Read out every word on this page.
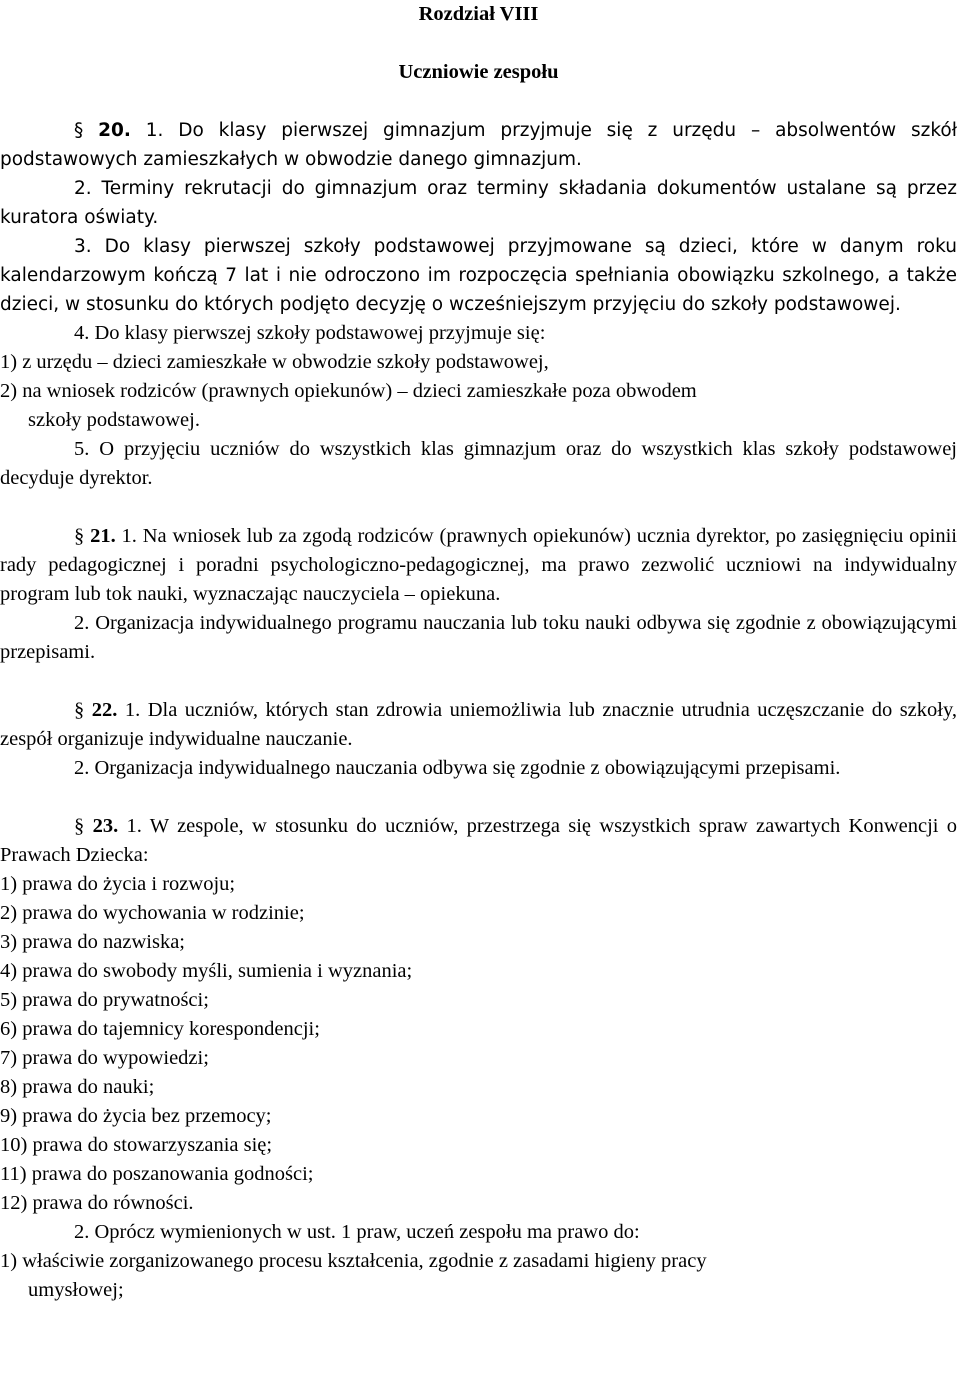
Rozdział VIII

Uczniowie zespołu

§ 20. 1. Do klasy pierwszej gimnazjum przyjmuje się z urzędu – absolwentów szkół podstawowych zamieszkałych w obwodzie danego gimnazjum.

2. Terminy rekrutacji do gimnazjum oraz terminy składania dokumentów ustalane są przez kuratora oświaty.

3. Do klasy pierwszej szkoły podstawowej przyjmowane są dzieci, które w danym roku kalendarzowym kończą 7 lat i nie odroczono im rozpoczęcia spełniania obowiązku szkolnego, a także dzieci, w stosunku do których podjęto decyzję o wcześniejszym przyjęciu do szkoły podstawowej.

4. Do klasy pierwszej szkoły podstawowej przyjmuje się:

1) z urzędu – dzieci zamieszkałe w obwodzie szkoły podstawowej,

2) na wniosek rodziców (prawnych opiekunów) – dzieci zamieszkałe poza obwodem

szkoły podstawowej.

5. O przyjęciu uczniów do wszystkich klas gimnazjum oraz do wszystkich klas szkoły podstawowej decyduje dyrektor.

§ 21. 1. Na wniosek lub za zgodą rodziców (prawnych opiekunów) ucznia dyrektor, po zasięgnięciu opinii rady pedagogicznej i poradni psychologiczno-pedagogicznej, ma prawo zezwolić uczniowi na indywidualny program lub tok nauki, wyznaczając nauczyciela – opiekuna.

2. Organizacja indywidualnego programu nauczania lub toku nauki odbywa się zgodnie z obowiązującymi przepisami.

§ 22. 1. Dla uczniów, których stan zdrowia uniemożliwia lub znacznie utrudnia uczęszczanie do szkoły, zespół organizuje indywidualne nauczanie.

2. Organizacja indywidualnego nauczania odbywa się zgodnie z obowiązującymi przepisami.

§ 23. 1. W zespole, w stosunku do uczniów, przestrzega się wszystkich spraw zawartych Konwencji o Prawach Dziecka:

1) prawa do życia i rozwoju;

2) prawa do wychowania w rodzinie;

3) prawa do nazwiska;

4) prawa do swobody myśli, sumienia i wyznania;

5) prawa do prywatności;

6) prawa do tajemnicy korespondencji;

7) prawa do wypowiedzi;

8) prawa do nauki;

9) prawa do życia bez przemocy;

10) prawa do stowarzyszania się;

11) prawa do poszanowania godności;

12) prawa do równości.

2. Oprócz wymienionych w ust. 1 praw, uczeń zespołu ma prawo do:

1) właściwie zorganizowanego procesu kształcenia, zgodnie z zasadami higieny pracy

umysłowej;
